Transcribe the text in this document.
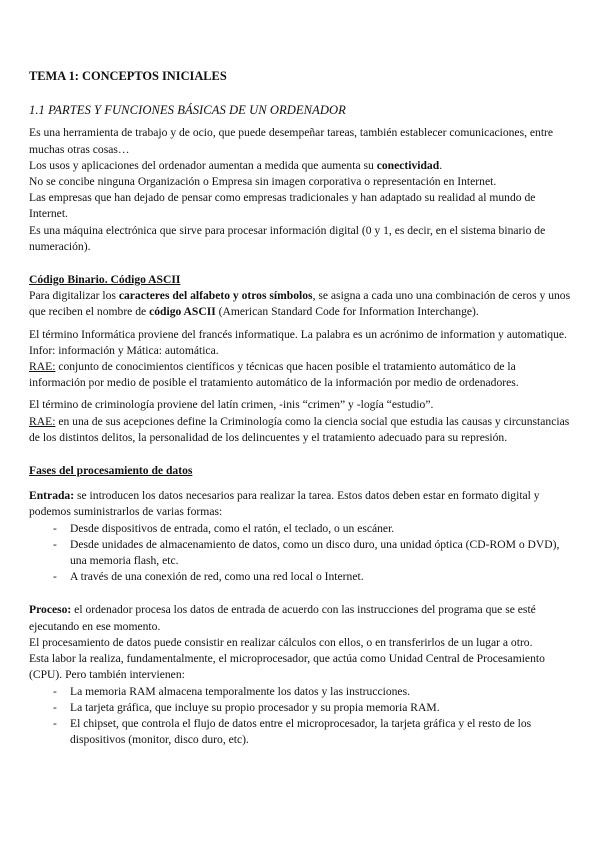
TEMA 1: CONCEPTOS INICIALES
1.1 PARTES Y FUNCIONES BÁSICAS DE UN ORDENADOR

Es una herramienta de trabajo y de ocio, que puede desempeñar tareas, también establecer comunicaciones, entre muchas otras cosas…

Los usos y aplicaciones del ordenador aumentan a medida que aumenta su conectividad.

No se concibe ninguna Organización o Empresa sin imagen corporativa o representación en Internet.

Las empresas que han dejado de pensar como empresas tradicionales y han adaptado su realidad al mundo de Internet.

Es una máquina electrónica que sirve para procesar información digital (0 y 1, es decir, en el sistema binario de numeración).

Código Binario. Código ASCII

Para digitalizar los caracteres del alfabeto y otros símbolos, se asigna a cada uno una combinación de ceros y unos que reciben el nombre de código ASCII (American Standard Code for Information Interchange).

El término Informática proviene del francés informatique. La palabra es un acrónimo de information y automatique. Infor: información y Mática: automática.

RAE: conjunto de conocimientos científicos y técnicas que hacen posible el tratamiento automático de la información por medio de posible el tratamiento automático de la información por medio de ordenadores.

El término de criminología proviene del latín crimen, -inis “crimen” y -logía “estudio”.

RAE: en una de sus acepciones define la Criminología como la ciencia social que estudia las causas y circunstancias de los distintos delitos, la personalidad de los delincuentes y el tratamiento adecuado para su represión.

Fases del procesamiento de datos

Entrada: se introducen los datos necesarios para realizar la tarea. Estos datos deben estar en formato digital y podemos suministrarlos de varias formas:

- Desde dispositivos de entrada, como el ratón, el teclado, o un escáner.
- Desde unidades de almacenamiento de datos, como un disco duro, una unidad óptica (CD-ROM o DVD), una memoria flash, etc.
- A través de una conexión de red, como una red local o Internet.

Proceso: el ordenador procesa los datos de entrada de acuerdo con las instrucciones del programa que se esté ejecutando en ese momento.

El procesamiento de datos puede consistir en realizar cálculos con ellos, o en transferirlos de un lugar a otro.

Esta labor la realiza, fundamentalmente, el microprocesador, que actúa como Unidad Central de Procesamiento (CPU). Pero también intervienen:

- La memoria RAM almacena temporalmente los datos y las instrucciones.
- La tarjeta gráfica, que incluye su propio procesador y su propia memoria RAM.
- El chipset, que controla el flujo de datos entre el microprocesador, la tarjeta gráfica y el resto de los dispositivos (monitor, disco duro, etc).
